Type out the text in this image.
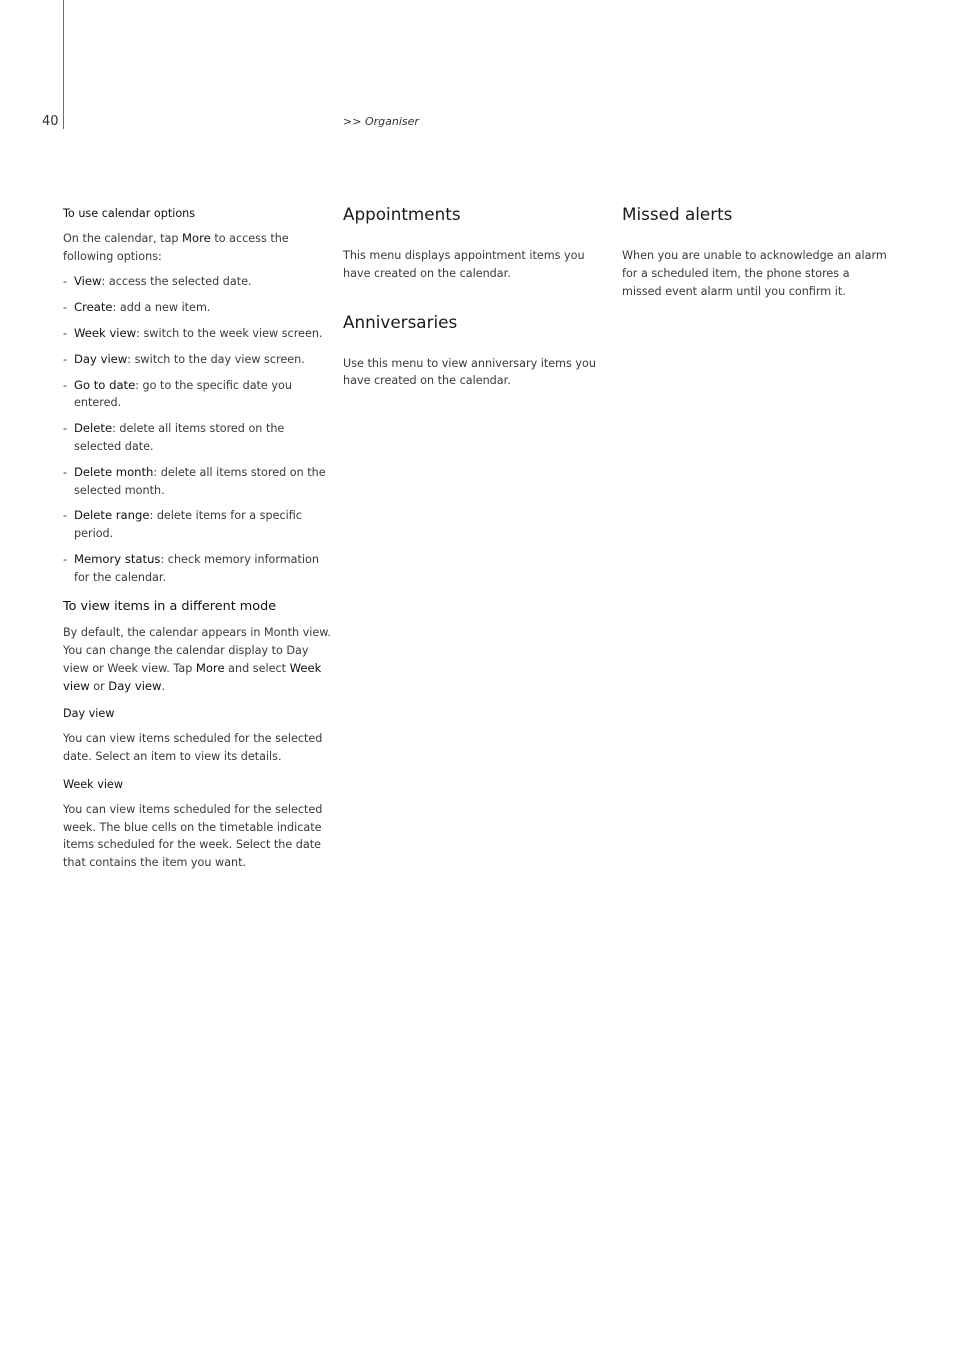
40	>> Organiser

To use calendar options

On the calendar, tap More to access the following options:

- View: access the selected date.
- Create: add a new item.
- Week view: switch to the week view screen.
- Day view: switch to the day view screen.
- Go to date: go to the specific date you entered.
- Delete: delete all items stored on the selected date.
- Delete month: delete all items stored on the selected month.
- Delete range: delete items for a specific period.
- Memory status: check memory information for the calendar.

To view items in a different mode

By default, the calendar appears in Month view. You can change the calendar display to Day view or Week view. Tap More and select Week view or Day view.

Day view

You can view items scheduled for the selected date. Select an item to view its details.

Week view

You can view items scheduled for the selected week. The blue cells on the timetable indicate items scheduled for the week. Select the date that contains the item you want.

Appointments

This menu displays appointment items you have created on the calendar.

Anniversaries

Use this menu to view anniversary items you have created on the calendar.

Missed alerts

When you are unable to acknowledge an alarm for a scheduled item, the phone stores a missed event alarm until you confirm it.
